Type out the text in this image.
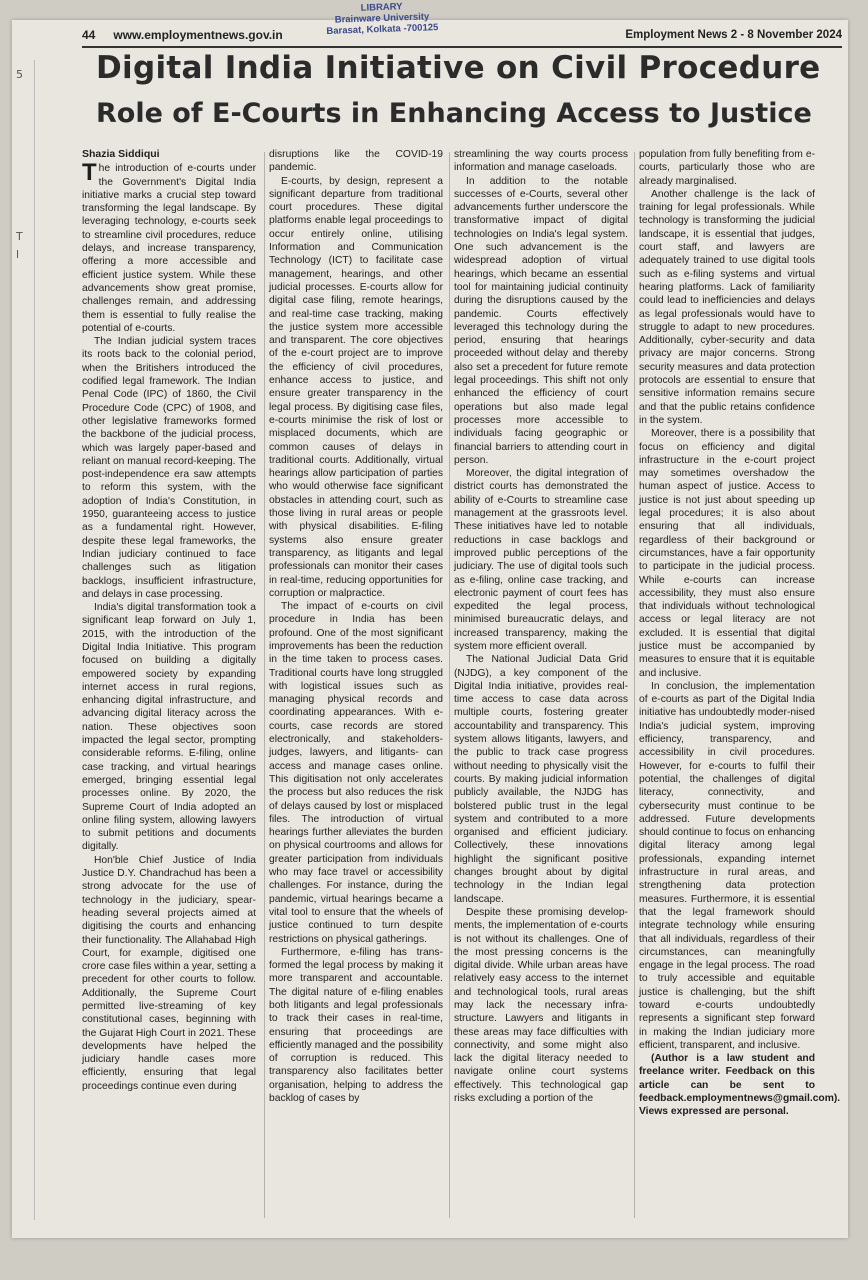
5
T
l
LIBRARY
Brainware University
Barasat, Kolkata -700125
44 www.employmentnews.gov.in	Employment News 2 - 8 November 2024
Digital India Initiative on Civil Procedure
Role of E-Courts in Enhancing Access to Justice
Shazia Siddiqui

The introduction of e-courts under the Government's Digital India initiative marks a crucial step toward transforming the legal landscape. By leveraging technology, e-courts seek to streamline civil procedures, reduce delays, and increase transparency, offering a more accessible and efficient justice system. While these advancements show great promise, challenges remain, and addressing them is essential to fully realise the potential of e-courts.

The Indian judicial system traces its roots back to the colonial period, when the Britishers introduced the codified legal framework. The Indian Penal Code (IPC) of 1860, the Civil Procedure Code (CPC) of 1908, and other legislative frameworks formed the backbone of the judicial process, which was largely paper-based and reliant on manual record-keeping. The post-independence era saw attempts to reform this system, with the adoption of India's Constitution, in 1950, guaranteeing access to justice as a fundamental right. However, despite these legal frameworks, the Indian judiciary continued to face challenges such as litigation backlogs, insufficient infrastructure, and delays in case processing.

India's digital transformation took a significant leap forward on July 1, 2015, with the introduction of the Digital India Initiative. This program focused on building a digitally empowered society by expanding internet access in rural regions, enhancing digital infrastructure, and advancing digital literacy across the nation. These objectives soon impacted the legal sector, prompting considerable reforms. E-filing, online case tracking, and virtual hearings emerged, bringing essential legal processes online. By 2020, the Supreme Court of India adopted an online filing system, allowing lawyers to submit petitions and documents digitally.

Hon'ble Chief Justice of India Justice D.Y. Chandrachud has been a strong advocate for the use of technology in the judiciary, spear-heading several projects aimed at digitising the courts and enhancing their functionality. The Allahabad High Court, for example, digitised one crore case files within a year, setting a precedent for other courts to follow. Additionally, the Supreme Court permitted live-streaming of key constitutional cases, beginning with the Gujarat High Court in 2021. These developments have helped the judiciary handle cases more efficiently, ensuring that legal proceedings continue even during

disruptions like the COVID-19 pandemic.

E-courts, by design, represent a significant departure from traditional court procedures. These digital platforms enable legal proceedings to occur entirely online, utilising Information and Communication Technology (ICT) to facilitate case management, hearings, and other judicial processes. E-courts allow for digital case filing, remote hearings, and real-time case tracking, making the justice system more accessible and transparent. The core objectives of the e-court project are to improve the efficiency of civil procedures, enhance access to justice, and ensure greater transparency in the legal process. By digitising case files, e-courts minimise the risk of lost or misplaced documents, which are common causes of delays in traditional courts. Additionally, virtual hearings allow participation of parties who would otherwise face significant obstacles in attending court, such as those living in rural areas or people with physical disabilities. E-filing systems also ensure greater transparency, as litigants and legal professionals can monitor their cases in real-time, reducing opportunities for corruption or malpractice.

The impact of e-courts on civil procedure in India has been profound. One of the most significant improvements has been the reduction in the time taken to process cases. Traditional courts have long struggled with logistical issues such as managing physical records and coordinating appearances. With e-courts, case records are stored electronically, and stakeholders- judges, lawyers, and litigants- can access and manage cases online. This digitisation not only accelerates the process but also reduces the risk of delays caused by lost or misplaced files. The introduction of virtual hearings further alleviates the burden on physical courtrooms and allows for greater participation from individuals who may face travel or accessibility challenges. For instance, during the pandemic, virtual hearings became a vital tool to ensure that the wheels of justice continued to turn despite restrictions on physical gatherings.

Furthermore, e-filing has trans-formed the legal process by making it more transparent and accountable. The digital nature of e-filing enables both litigants and legal professionals to track their cases in real-time, ensuring that proceedings are efficiently managed and the possibility of corruption is reduced. This transparency also facilitates better organisation, helping to address the backlog of cases by

streamlining the way courts process information and manage caseloads.

In addition to the notable successes of e-Courts, several other advancements further underscore the transformative impact of digital technologies on India's legal system. One such advancement is the widespread adoption of virtual hearings, which became an essential tool for maintaining judicial continuity during the disruptions caused by the pandemic. Courts effectively leveraged this technology during the period, ensuring that hearings proceeded without delay and thereby also set a precedent for future remote legal proceedings. This shift not only enhanced the efficiency of court operations but also made legal processes more accessible to individuals facing geographic or financial barriers to attending court in person.

Moreover, the digital integration of district courts has demonstrated the ability of e-Courts to streamline case management at the grassroots level. These initiatives have led to notable reductions in case backlogs and improved public perceptions of the judiciary. The use of digital tools such as e-filing, online case tracking, and electronic payment of court fees has expedited the legal process, minimised bureaucratic delays, and increased transparency, making the system more efficient overall.

The National Judicial Data Grid (NJDG), a key component of the Digital India initiative, provides real-time access to case data across multiple courts, fostering greater accountability and transparency. This system allows litigants, lawyers, and the public to track case progress without needing to physically visit the courts. By making judicial information publicly available, the NJDG has bolstered public trust in the legal system and contributed to a more organised and efficient judiciary. Collectively, these innovations highlight the significant positive changes brought about by digital technology in the Indian legal landscape.

Despite these promising develop-ments, the implementation of e-courts is not without its challenges. One of the most pressing concerns is the digital divide. While urban areas have relatively easy access to the internet and technological tools, rural areas may lack the necessary infra-structure. Lawyers and litigants in these areas may face difficulties with connectivity, and some might also lack the digital literacy needed to navigate online court systems effectively. This technological gap risks excluding a portion of the

population from fully benefiting from e-courts, particularly those who are already marginalised.

Another challenge is the lack of training for legal professionals. While technology is transforming the judicial landscape, it is essential that judges, court staff, and lawyers are adequately trained to use digital tools such as e-filing systems and virtual hearing platforms. Lack of familiarity could lead to inefficiencies and delays as legal professionals would have to struggle to adapt to new procedures. Additionally, cyber-security and data privacy are major concerns. Strong security measures and data protection protocols are essential to ensure that sensitive information remains secure and that the public retains confidence in the system.

Moreover, there is a possibility that focus on efficiency and digital infrastructure in the e-court project may sometimes overshadow the human aspect of justice. Access to justice is not just about speeding up legal procedures; it is also about ensuring that all individuals, regardless of their background or circumstances, have a fair opportunity to participate in the judicial process. While e-courts can increase accessibility, they must also ensure that individuals without technological access or legal literacy are not excluded. It is essential that digital justice must be accompanied by measures to ensure that it is equitable and inclusive.

In conclusion, the implementation of e-courts as part of the Digital India initiative has undoubtedly moder-nised India's judicial system, improving efficiency, transparency, and accessibility in civil procedures. However, for e-courts to fulfil their potential, the challenges of digital literacy, connectivity, and cybersecurity must continue to be addressed. Future developments should continue to focus on enhancing digital literacy among legal professionals, expanding internet infrastructure in rural areas, and strengthening data protection measures. Furthermore, it is essential that the legal framework should integrate technology while ensuring that all individuals, regardless of their circumstances, can meaningfully engage in the legal process. The road to truly accessible and equitable justice is challenging, but the shift toward e-courts undoubtedly represents a significant step forward in making the Indian judiciary more efficient, transparent, and inclusive.

(Author is a law student and freelance writer. Feedback on this article can be sent to feedback.employmentnews@gmail.com). Views expressed are personal.
